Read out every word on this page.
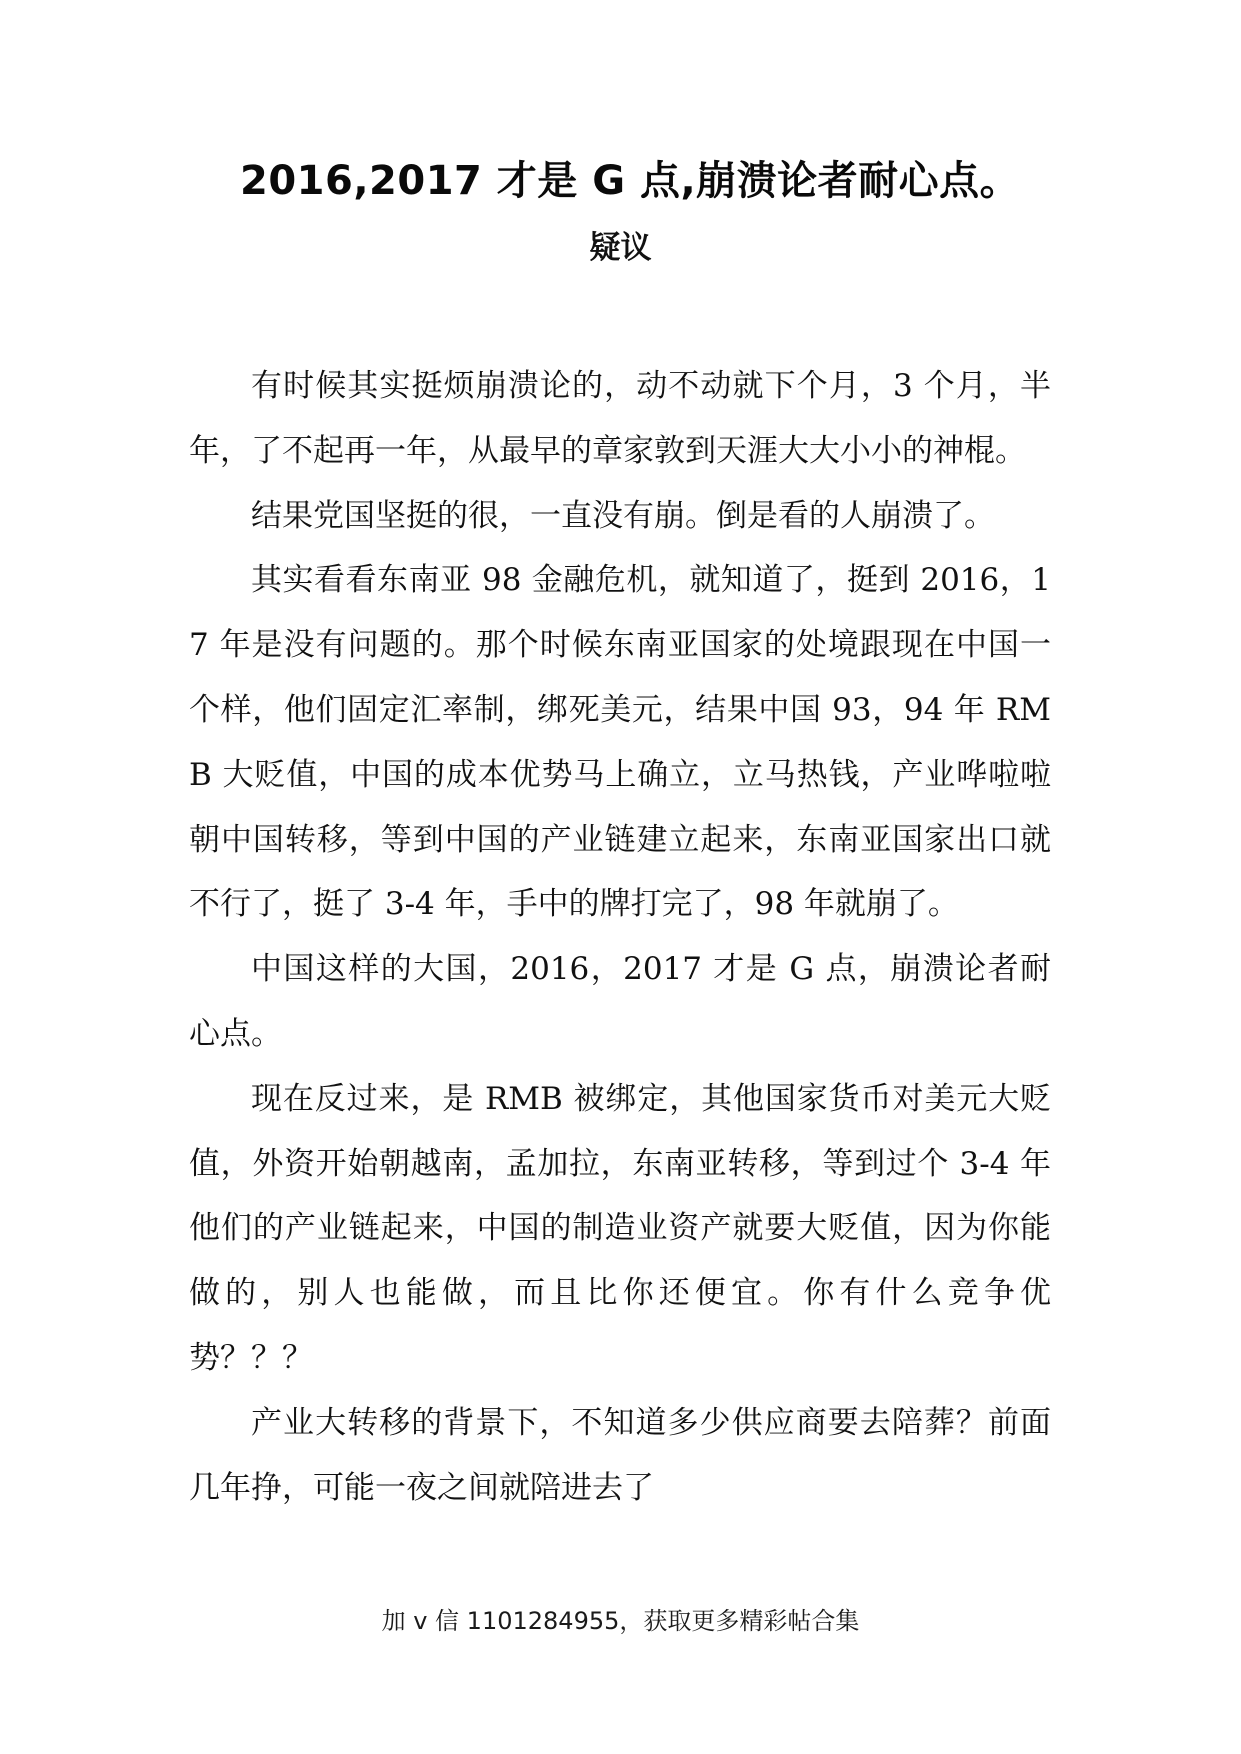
2016,2017 才是 G 点,崩溃论者耐心点。
疑议

有时候其实挺烦崩溃论的，动不动就下个月，3 个月，半年，了不起再一年，从最早的章家敦到天涯大大小小的神棍。

结果党国坚挺的很，一直没有崩。倒是看的人崩溃了。

其实看看东南亚 98 金融危机，就知道了，挺到 2016，17 年是没有问题的。那个时候东南亚国家的处境跟现在中国一个样，他们固定汇率制，绑死美元，结果中国 93，94 年 RMB 大贬值，中国的成本优势马上确立，立马热钱，产业哗啦啦朝中国转移，等到中国的产业链建立起来，东南亚国家出口就不行了，挺了 3-4 年，手中的牌打完了，98 年就崩了。

中国这样的大国，2016，2017 才是 G 点，崩溃论者耐心点。

现在反过来，是 RMB 被绑定，其他国家货币对美元大贬值，外资开始朝越南，孟加拉，东南亚转移，等到过个 3-4 年他们的产业链起来，中国的制造业资产就要大贬值，因为你能做的，别人也能做，而且比你还便宜。你有什么竞争优势？？？

产业大转移的背景下，不知道多少供应商要去陪葬？前面几年挣，可能一夜之间就陪进去了

加 v 信 1101284955，获取更多精彩帖合集
